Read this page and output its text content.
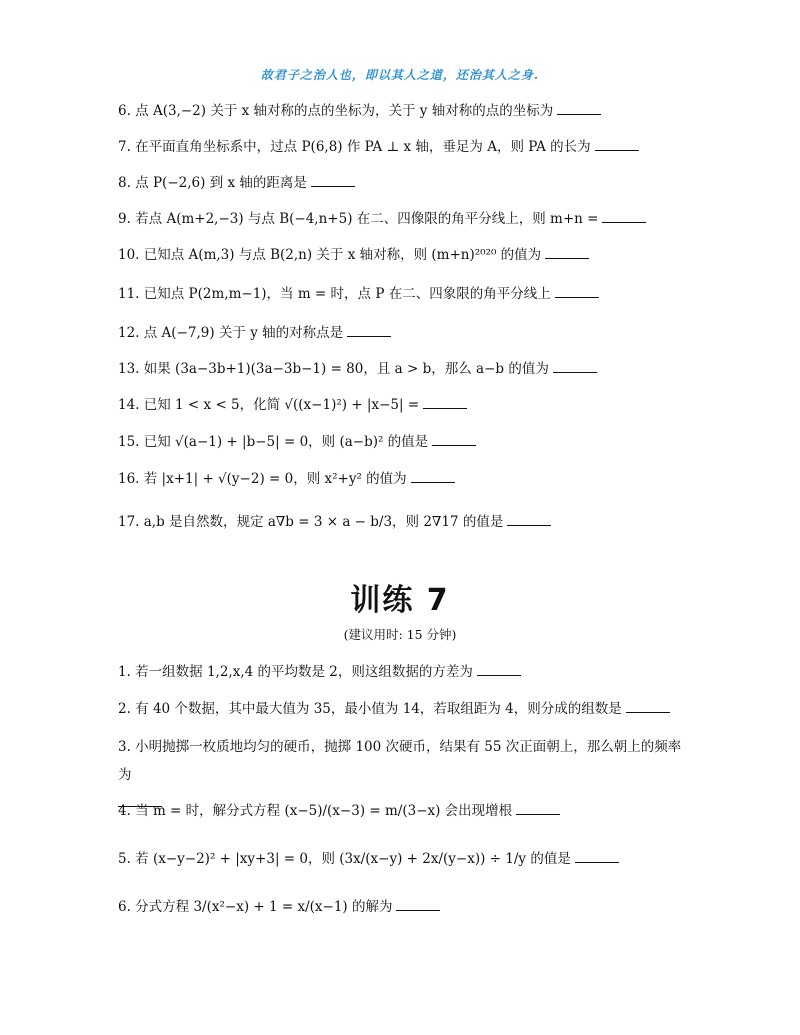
故君子之治人也，即以其人之道，还治其人之身.
6. 点 A(3,−2) 关于 x 轴对称的点的坐标为，关于 y 轴对称的点的坐标为
7. 在平面直角坐标系中，过点 P(6,8) 作 PA ⊥ x 轴，垂足为 A，则 PA 的长为
8. 点 P(−2,6) 到 x 轴的距离是
9. 若点 A(m+2,−3) 与点 B(−4,n+5) 在二、四像限的角平分线上，则 m+n =
10. 已知点 A(m,3) 与点 B(2,n) 关于 x 轴对称，则 (m+n)²⁰²⁰ 的值为
11. 已知点 P(2m,m−1)，当 m = 时，点 P 在二、四象限的角平分线上
12. 点 A(−7,9) 关于 y 轴的对称点是
13. 如果 (3a−3b+1)(3a−3b−1) = 80，且 a > b，那么 a−b 的值为
14. 已知 1 < x < 5，化简 √((x−1)²) + |x−5| =
15. 已知 √(a−1) + |b−5| = 0，则 (a−b)² 的值是
16. 若 |x+1| + √(y−2) = 0，则 x²+y² 的值为
17. a,b 是自然数，规定 a∇b = 3 × a − b/3，则 2∇17 的值是
训练 7
(建议用时: 15 分钟)
1. 若一组数据 1,2,x,4 的平均数是 2，则这组数据的方差为
2. 有 40 个数据，其中最大值为 35，最小值为 14，若取组距为 4，则分成的组数是
3. 小明抛掷一枚质地均匀的硬币，抛掷 100 次硬币，结果有 55 次正面朝上，那么朝上的频率为

4. 当 m = 时，解分式方程 (x−5)/(x−3) = m/(3−x) 会出现增根
5. 若 (x−y−2)² + |xy+3| = 0，则 (3x/(x−y) + 2x/(y−x)) ÷ 1/y 的值是
6. 分式方程 3/(x²−x) + 1 = x/(x−1) 的解为
